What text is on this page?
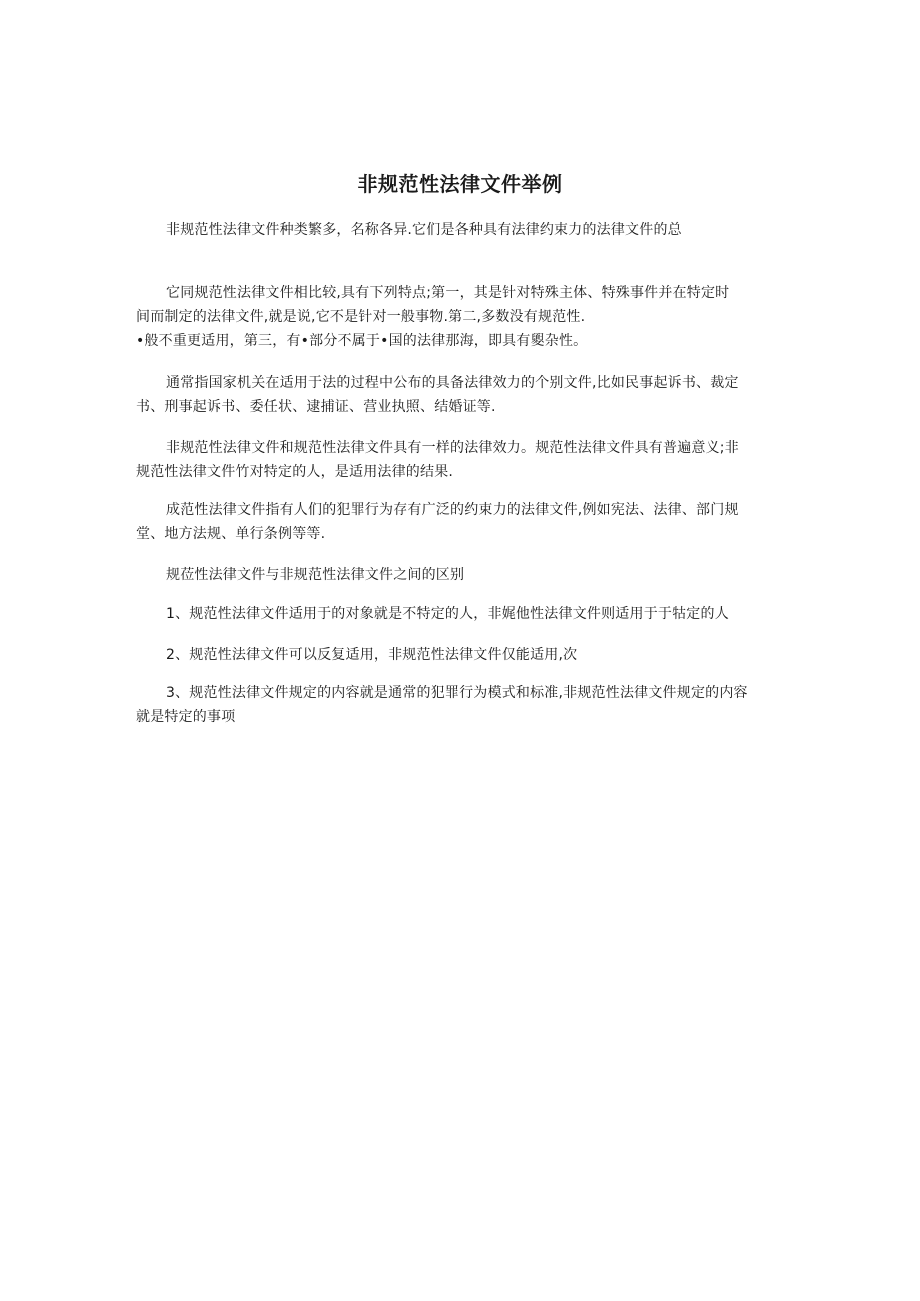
非规范性法律文件举例
非规范性法律文件种类繁多，名称各异.它们是各种具有法律约束力的法律文件的总
它同规范性法律文件相比较,具有下列特点;第一，其是针对特殊主体、特殊事件并在特定时
间而制定的法律文件,就是说,它不是针对一般事物.第二,多数没有规范性.
•般不重更适用，第三，有•部分不属于•国的法律那海，即具有夓杂性。
通常指国家机关在适用于法的过程中公布的具备法律效力的个别文件,比如民事起诉书、裁定
书、刑事起诉书、委任状、逮捕证、营业执照、结婚证等.
非规范性法律文件和规范性法律文件具有一样的法律效力。规范性法律文件具有普遍意义;非
规范性法律文件竹对特定的人，是适用法律的结果.
成范性法律文件指有人们的犯罪行为存有广泛的约束力的法律文件,例如宪法、法律、部门规
堂、地方法规、单行条例等等.
规莅性法律文件与非规范性法律文件之间的区别
1、规范性法律文件适用于的对象就是不特定的人，非娓他性法律文件则适用于于牯定的人
2、规范性法律文件可以反复适用，非规范性法律文件仅能适用,次
3、规范性法律文件规定的内容就是通常的犯罪行为模式和标准,非规范性法律文件规定的内容
就是特定的事项
